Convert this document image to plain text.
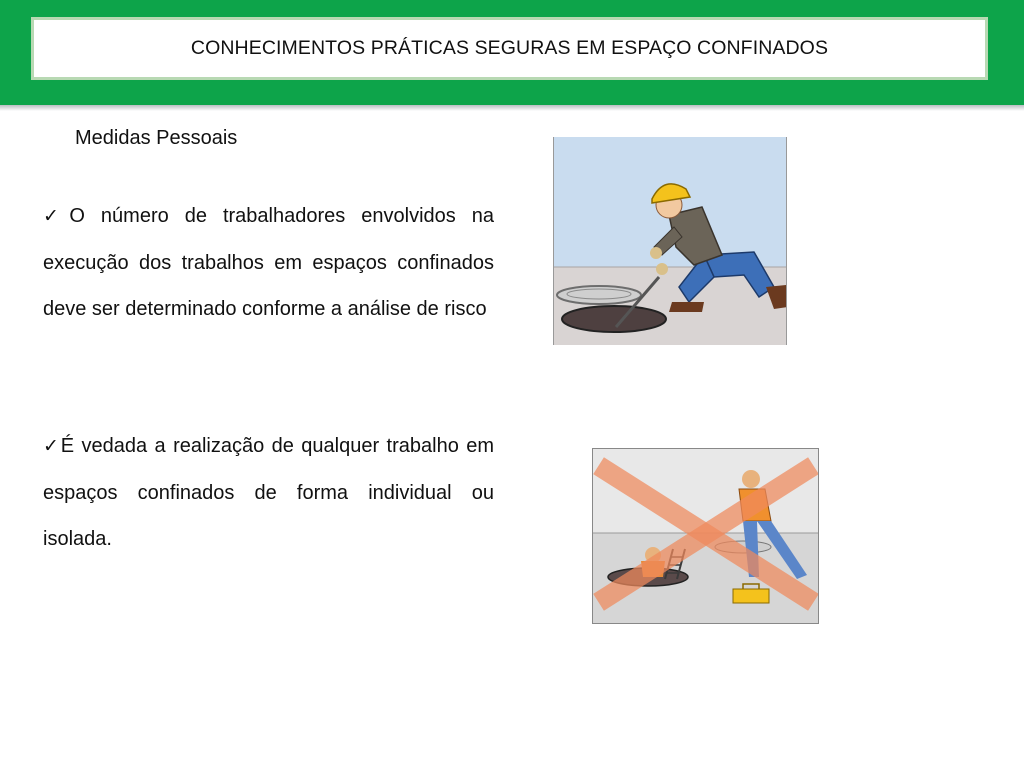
CONHECIMENTOS PRÁTICAS SEGURAS EM ESPAÇO CONFINADOS
Medidas Pessoais

✓O número de trabalhadores envolvidos na execução dos trabalhos em espaços confinados deve ser determinado conforme a análise de risco

✓É vedada a realização de qualquer trabalho em espaços confinados de forma individual ou isolada.
